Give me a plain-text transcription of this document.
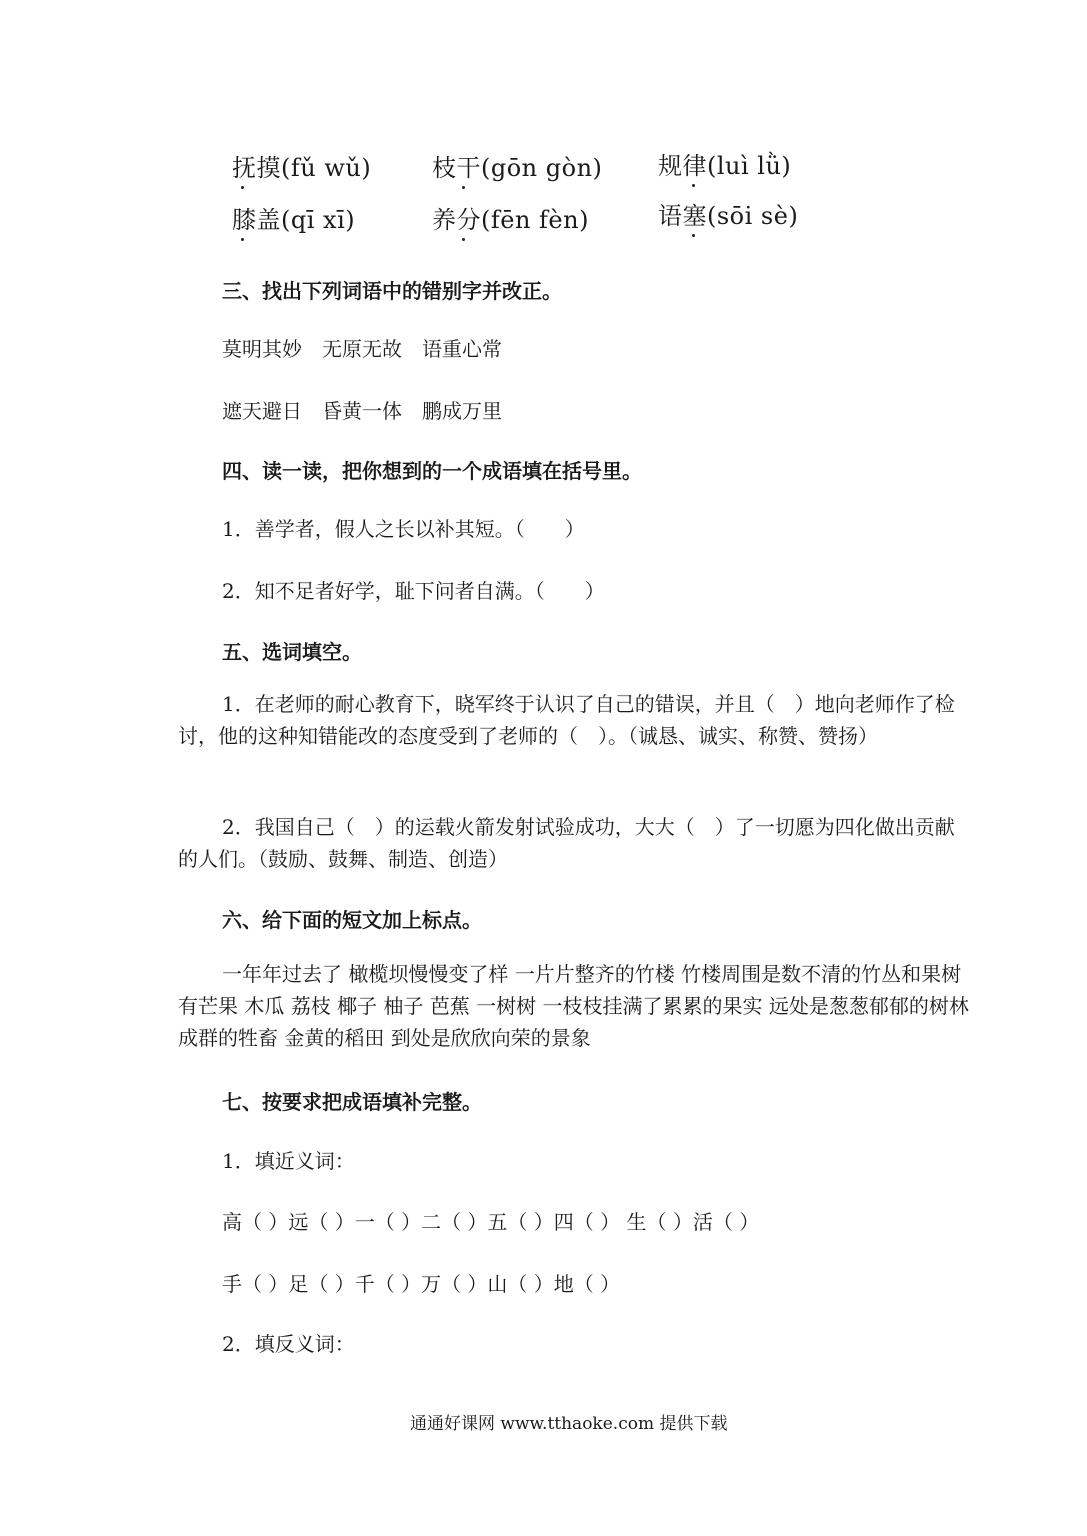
抚摸(fǔ wǔ)	枝干(gōn gòn) 规律(luì lǜ)
膝盖(qī xī)	养分(fēn fèn)	语塞(sōi sè)
三、找出下列词语中的错别字并改正。
莫明其妙　无原无故　语重心常
遮天避日　昏黄一体　鹏成万里
四、读一读，把你想到的一个成语填在括号里。
1．善学者，假人之长以补其短。（　　）
2．知不足者好学，耻下问者自满。（　　）
五、选词填空。
1．在老师的耐心教育下，晓军终于认识了自己的错误，并且（　）地向老师作了检讨，他的这种知错能改的态度受到了老师的（　）。（诚恳、诚实、称赞、赞扬）
2．我国自己（　）的运载火箭发射试验成功，大大（　）了一切愿为四化做出贡献的人们。（鼓励、鼓舞、制造、创造）
六、给下面的短文加上标点。
一年年过去了 橄榄坝慢慢变了样 一片片整齐的竹楼 竹楼周围是数不清的竹丛和果树 有芒果 木瓜 荔枝 椰子 柚子 芭蕉 一树树 一枝枝挂满了累累的果实 远处是葱葱郁郁的树林 成群的牲畜 金黄的稻田 到处是欣欣向荣的景象
七、按要求把成语填补完整。
1．填近义词：
高（ ）远（ ）一（ ）二（ ）五（ ）四（ ） 生（ ）活（ ）
手（ ）足（ ）千（ ）万（ ）山（ ）地（ ）
2．填反义词：
通通好课网 www.tthaoke.com 提供下载
